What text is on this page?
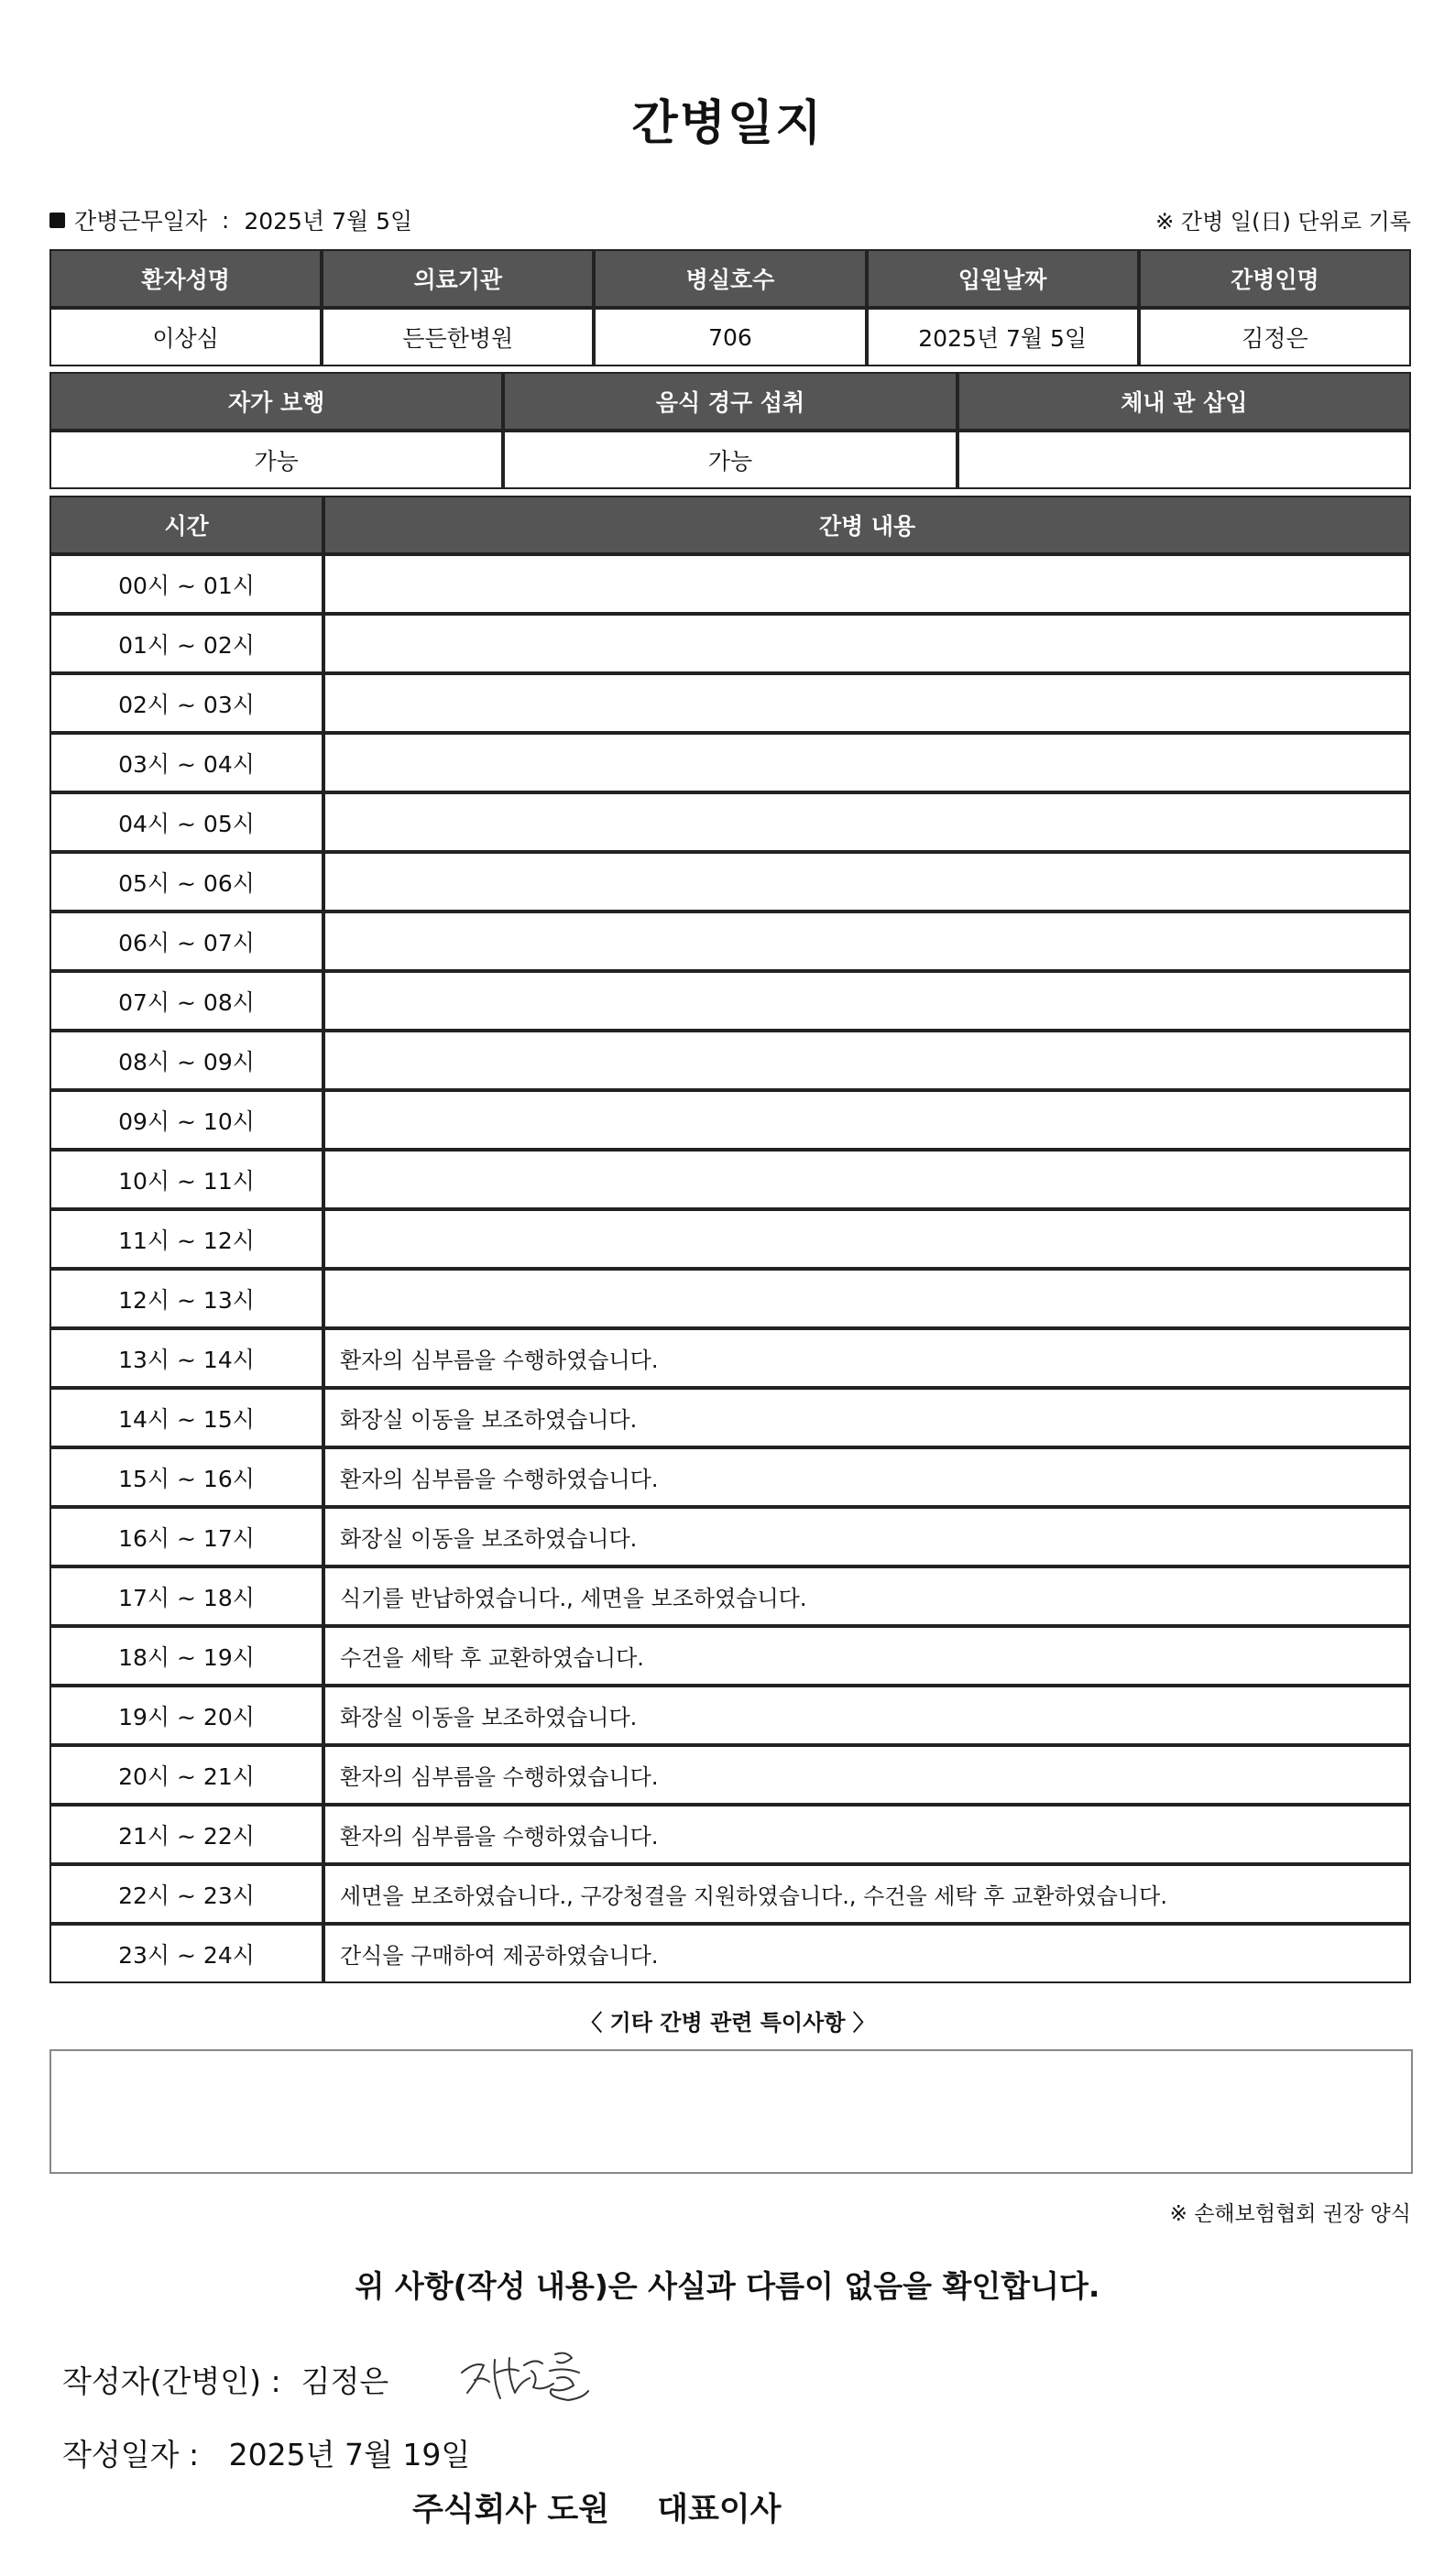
간병일지
간병근무일자 : 2025년 7월 5일	※ 간병 일(日) 단위로 기록
환자성명	의료기관	병실호수	입원날짜	간병인명
이상심	든든한병원	706	2025년 7월 5일	김정은
자가 보행	음식 경구 섭취	체내 관 삽입
가능	가능	
시간	간병 내용
00시 ~ 01시	
01시 ~ 02시	
02시 ~ 03시	
03시 ~ 04시	
04시 ~ 05시	
05시 ~ 06시	
06시 ~ 07시	
07시 ~ 08시	
08시 ~ 09시	
09시 ~ 10시	
10시 ~ 11시	
11시 ~ 12시	
12시 ~ 13시	
13시 ~ 14시	환자의 심부름을 수행하였습니다.
14시 ~ 15시	화장실 이동을 보조하였습니다.
15시 ~ 16시	환자의 심부름을 수행하였습니다.
16시 ~ 17시	화장실 이동을 보조하였습니다.
17시 ~ 18시	식기를 반납하였습니다., 세면을 보조하였습니다.
18시 ~ 19시	수건을 세탁 후 교환하였습니다.
19시 ~ 20시	화장실 이동을 보조하였습니다.
20시 ~ 21시	환자의 심부름을 수행하였습니다.
21시 ~ 22시	환자의 심부름을 수행하였습니다.
22시 ~ 23시	세면을 보조하였습니다., 구강청결을 지원하였습니다., 수건을 세탁 후 교환하였습니다.
23시 ~ 24시	간식을 구매하여 제공하였습니다.
〈 기타 간병 관련 특이사항 〉
※ 손해보험협회 권장 양식
위 사항(작성 내용)은 사실과 다름이 없음을 확인합니다.
작성자(간병인) : 김정은
작성일자 : 2025년 7월 19일
주식회사 도원 대표이사
